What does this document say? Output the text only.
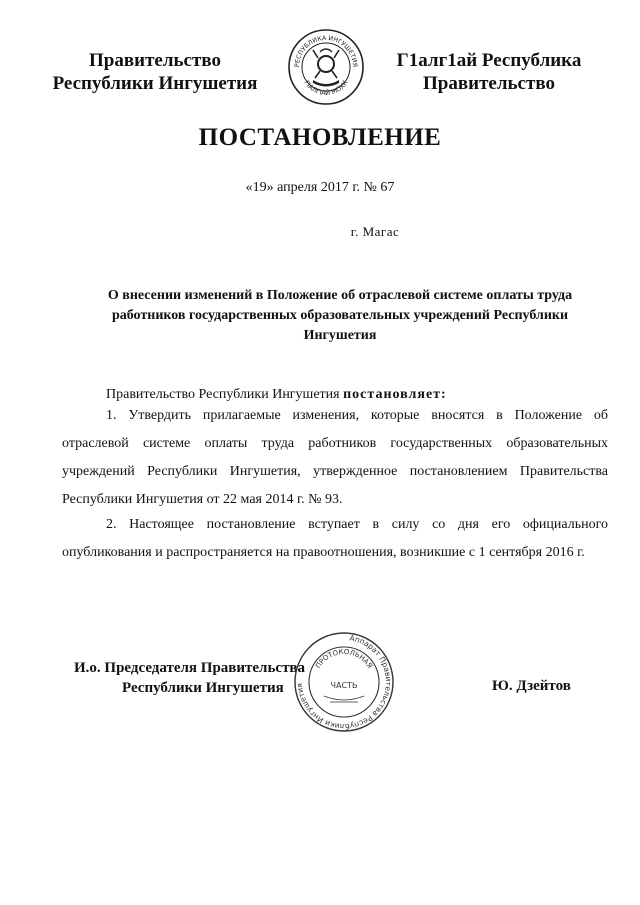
Правительство
Республики Ингушетия
РЕСПУБЛИКА ИНГУШЕТИЯ
ГIАЛГIАЙ МОХК
Г1алг1ай Республика
Правительство
ПОСТАНОВЛЕНИЕ
«19» апреля 2017 г. № 67
г. Магас
О внесении изменений в Положение об отраслевой системе оплаты труда работников государственных образовательных учреждений Республики Ингушетия
Правительство Республики Ингушетия постановляет:
1. Утвердить прилагаемые изменения, которые вносятся в Положение об отраслевой системе оплаты труда работников государственных образовательных учреждений Республики Ингушетия, утвержденное постановлением Правительства Республики Ингушетия от 22 мая 2014 г. № 93.
2. Настоящее постановление вступает в силу со дня его официального опубликования и распространяется на правоотношения, возникшие с 1 сентября 2016 г.
И.о. Председателя Правительства
Республики Ингушетия
Аппарат Правительства Республики Ингушетия
ПРОТОКОЛЬНАЯ
ЧАСТЬ	Ю. Дзейтов
